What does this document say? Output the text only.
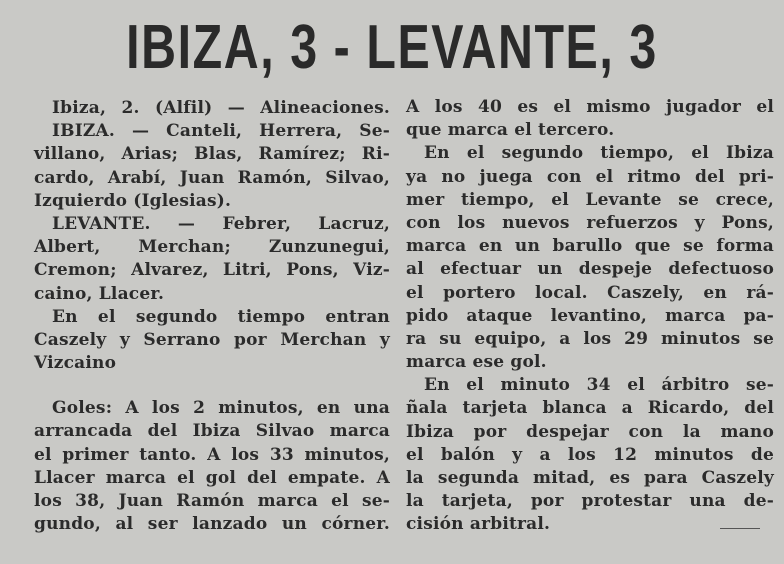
IBIZA, 3 - LEVANTE, 3
Ibiza, 2. (Alfil) — Alineaciones.
IBIZA. — Canteli, Herrera, Se-
villano, Arias; Blas, Ramírez; Ri-
cardo, Arabí, Juan Ramón, Silvao,
Izquierdo (Iglesias).
LEVANTE. — Febrer, Lacruz,
Albert, Merchan; Zunzunegui,
Cremon; Alvarez, Litri, Pons, Viz-
caino, Llacer.
En el segundo tiempo entran
Caszely y Serrano por Merchan y
Vizcaino
Goles: A los 2 minutos, en una
arrancada del Ibiza Silvao marca
el primer tanto. A los 33 minutos,
Llacer marca el gol del empate. A
los 38, Juan Ramón marca el se-
gundo, al ser lanzado un córner.
A los 40 es el mismo jugador el
que marca el tercero.
En el segundo tiempo, el Ibiza
ya no juega con el ritmo del pri-
mer tiempo, el Levante se crece,
con los nuevos refuerzos y Pons,
marca en un barullo que se forma
al efectuar un despeje defectuoso
el portero local. Caszely, en rá-
pido ataque levantino, marca pa-
ra su equipo, a los 29 minutos se
marca ese gol.
En el minuto 34 el árbitro se-
ñala tarjeta blanca a Ricardo, del
Ibiza por despejar con la mano
el balón y a los 12 minutos de
la segunda mitad, es para Caszely
la tarjeta, por protestar una de-
cisión arbitral.
